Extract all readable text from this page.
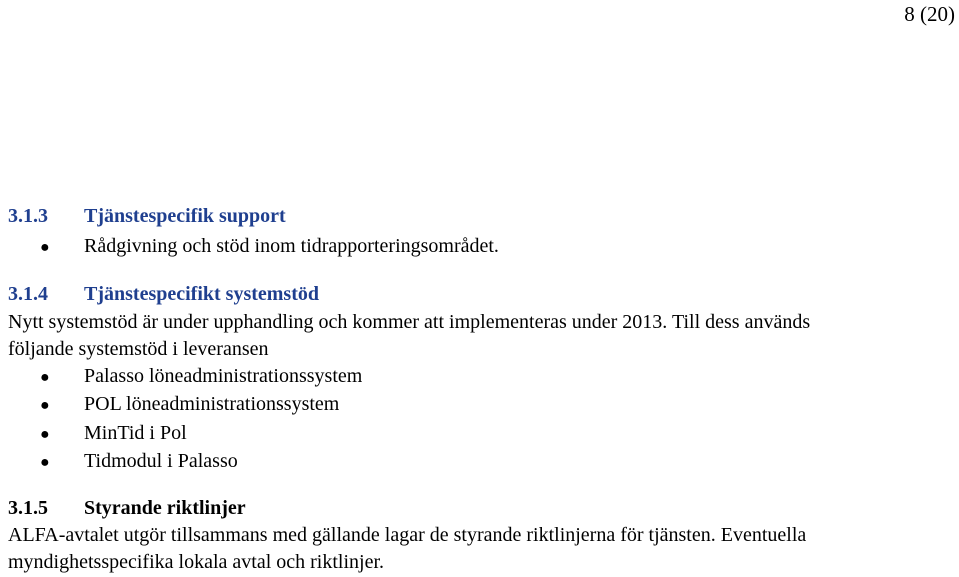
8 (20)
3.1.3 Tjänstespecifik support
● Rådgivning och stöd inom tidrapporteringsområdet.
3.1.4 Tjänstespecifikt systemstöd
Nytt systemstöd är under upphandling och kommer att implementeras under 2013. Till dess används
följande systemstöd i leveransen
● Palasso löneadministrationssystem
● POL löneadministrationssystem
● MinTid i Pol
● Tidmodul i Palasso
3.1.5 Styrande riktlinjer
ALFA-avtalet utgör tillsammans med gällande lagar de styrande riktlinjerna för tjänsten. Eventuella
myndighetsspecifika lokala avtal och riktlinjer.
